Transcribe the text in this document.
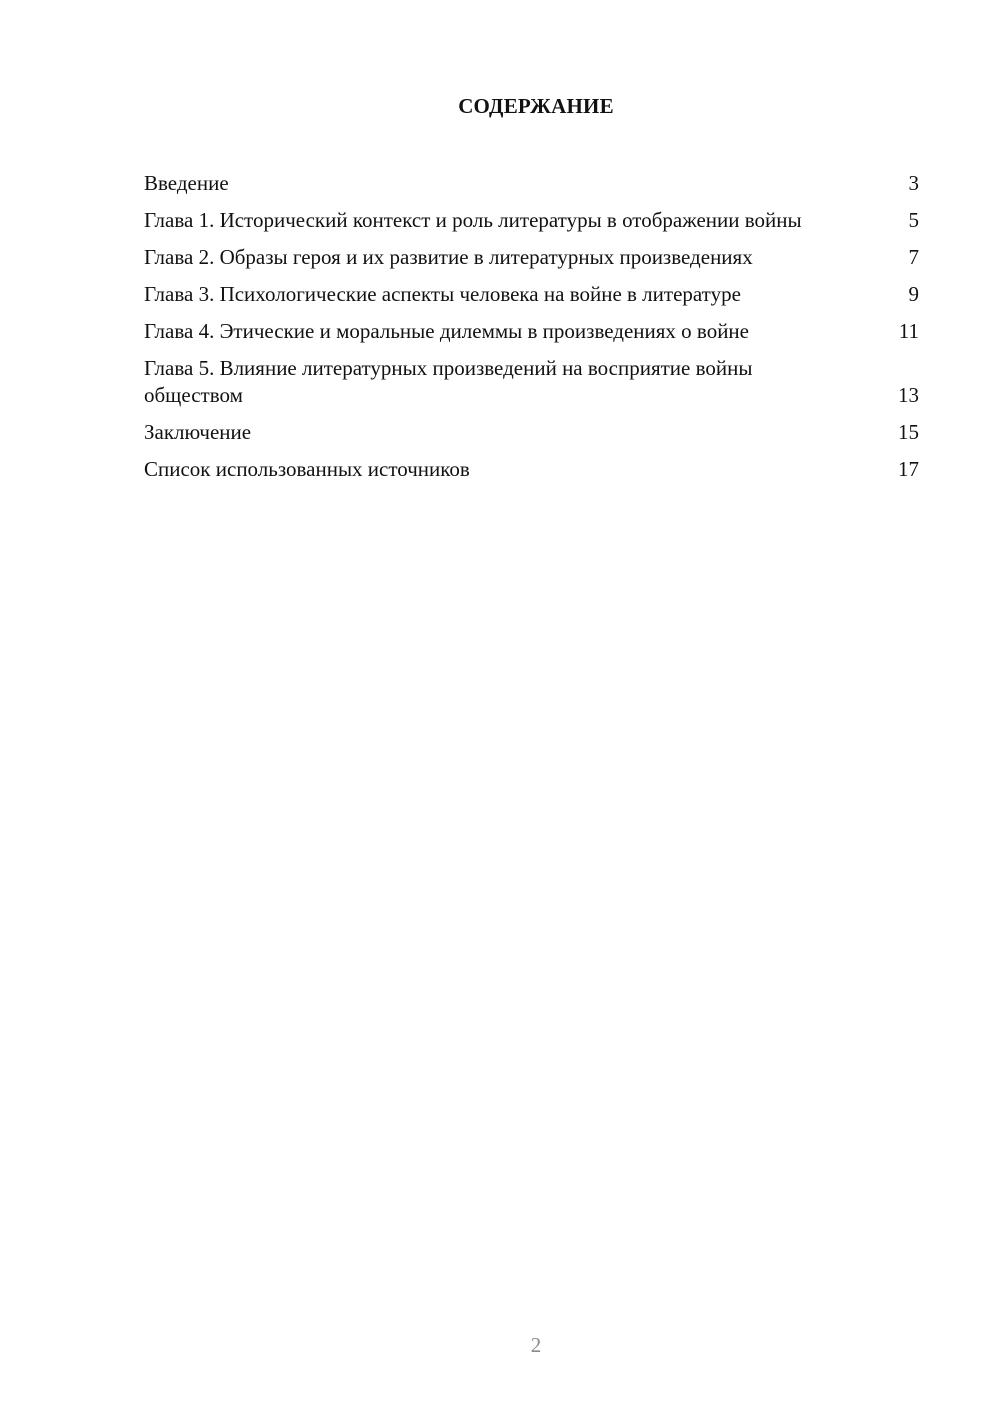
СОДЕРЖАНИЕ
Введение	3
Глава 1. Исторический контекст и роль литературы в отображении войны	5
Глава 2. Образы героя и их развитие в литературных произведениях	7
Глава 3. Психологические аспекты человека на войне в литературе	9
Глава 4. Этические и моральные дилеммы в произведениях о войне	11
Глава 5. Влияние литературных произведений на восприятие войны обществом	13
Заключение	15
Список использованных источников	17
2
